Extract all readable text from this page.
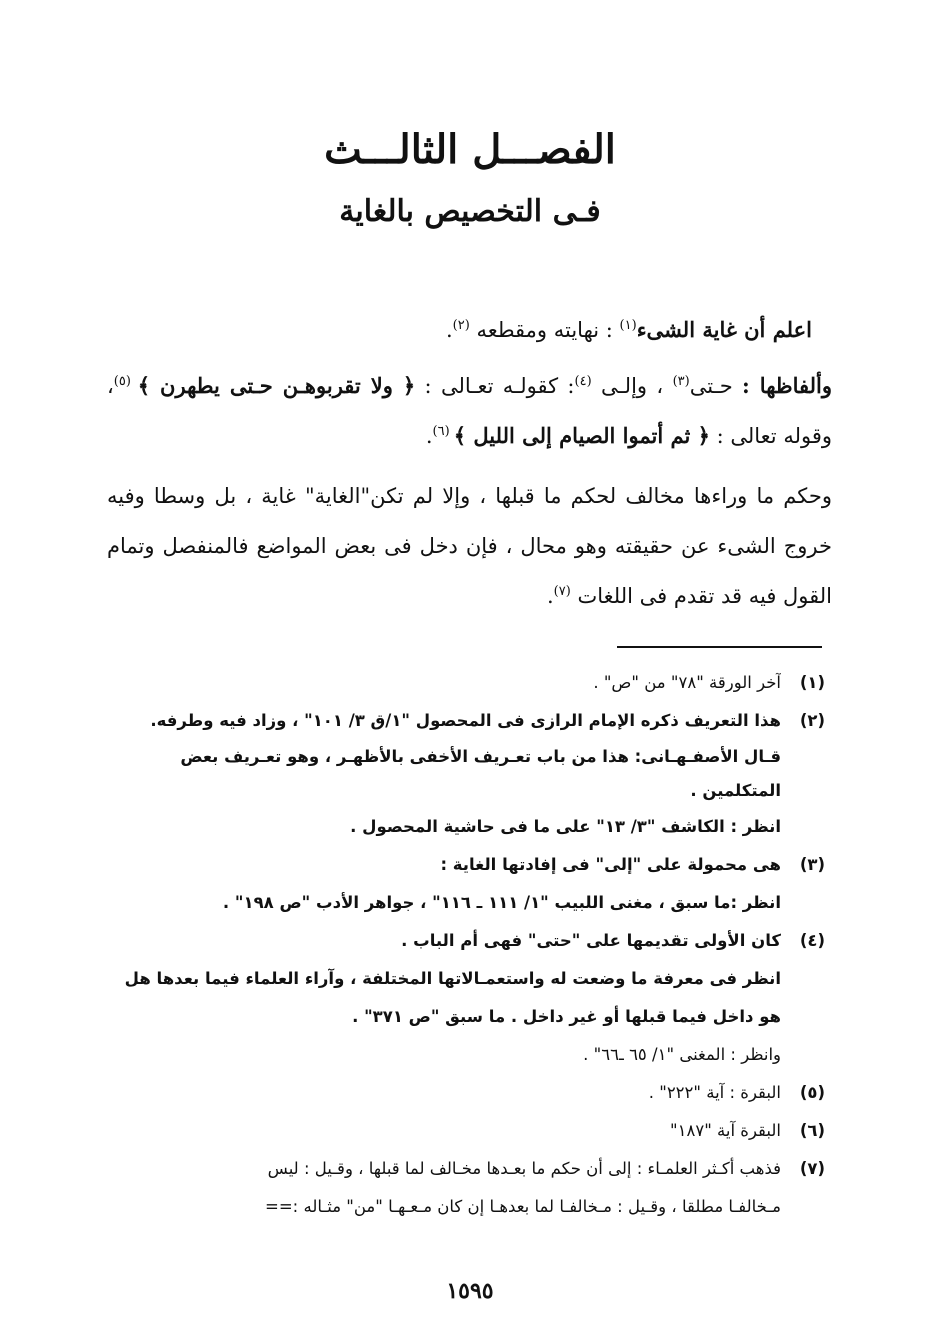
الفصـــل الثالـــث
فـى التخصيص بالغاية

اعلم أن غاية الشىء$^{(١)}$ : نهايته ومقطعه $^{(٢)}$.

وألفاظها : حـتى$^{(٣)}$ ، وإلـى $^{(٤)}$: كقولـه تعـالى : ﴿ ولا تقربوهـن حـتى يطهرن ﴾ $^{(٥)}$، وقوله تعالى : ﴿ ثم أتموا الصيام إلى الليل ﴾ $^{(٦)}$.

وحكم ما وراءها مخالف لحكم ما قبلها ، وإلا لم تكن"الغاية" غاية ، بل وسطا وفيه خروج الشىء عن حقيقته وهو محال ، فإن دخل فى بعض المواضع فالمنفصل وتمام القول فيه قد تقدم فى اللغات $^{(٧)}$.

(١)
آخر الورقة "٧٨" من "ص" .
(٢)
هذا التعريف ذكره الإمام الرازى فى المحصول "١/ق ٣/ ١٠١" ، وزاد فيه وطرفه.
قـال الأصفـهـانى: هذا من باب تعـريف الأخفى بالأظهـر ، وهو تعـريف بعض المتكلمين .
انظر : الكاشف "٣/ ١٣" على ما فى حاشية المحصول .
(٣)
هى محمولة على "إلى" فى إفادتها الغاية :
انظر :ما سبق ، مغنى اللبيب "١/ ١١١ ـ ١١٦" ، جواهر الأدب "ص ١٩٨" .
(٤)
كان الأولى تقديمها على "حتى" فهى أم الباب .
انظر فى معرفة ما وضعت له واستعمـالاتها المختلفة ، وآراء العلماء فيما بعدها هل
هو داخل فيما قبلها أو غير داخل . ما سبق "ص ٣٧١" .
وانظر : المغنى "١/ ٦٥ ـ٦٦" .
(٥)
البقرة : آية "٢٢٢" .
(٦)
البقرة آية "١٨٧"
(٧)
فذهب أكـثر العلمـاء : إلى أن حكم ما بعـدها مخـالف لما قبلها ، وقـيل : ليس
مـخالفـا مطلقا ، وقـيل : مـخالفـا لما بعدهـا إن كان مـعـهـا "من" مثـاله :==
١٥٩٥
